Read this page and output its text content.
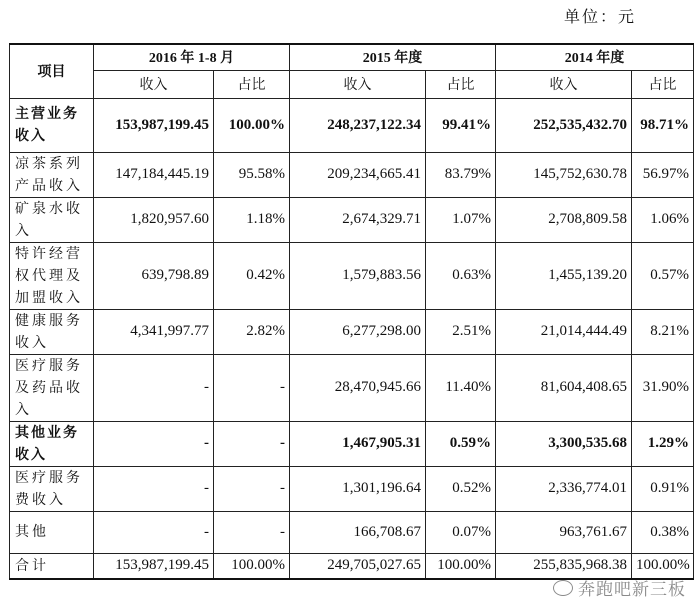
单位：元
项目	2016 年 1-8 月		2015 年度		2014 年度	
	收入	占比	收入	占比	收入	占比
主营业务收入	153,987,199.45	100.00%	248,237,122.34	99.41%	252,535,432.70	98.71%
凉茶系列产品收入	147,184,445.19	95.58%	209,234,665.41	83.79%	145,752,630.78	56.97%
矿泉水收入	1,820,957.60	1.18%	2,674,329.71	1.07%	2,708,809.58	1.06%
特许经营权代理及加盟收入	639,798.89	0.42%	1,579,883.56	0.63%	1,455,139.20	0.57%
健康服务收入	4,341,997.77	2.82%	6,277,298.00	2.51%	21,014,444.49	8.21%
医疗服务及药品收入	-	-	28,470,945.66	11.40%	81,604,408.65	31.90%
其他业务收入	-	-	1,467,905.31	0.59%	3,300,535.68	1.29%
医疗服务费收入	-	-	1,301,196.64	0.52%	2,336,774.01	0.91%
其他	-	-	166,708.67	0.07%	963,761.67	0.38%
合计	153,987,199.45	100.00%	249,705,027.65	100.00%	255,835,968.38	100.00%
奔跑吧新三板
